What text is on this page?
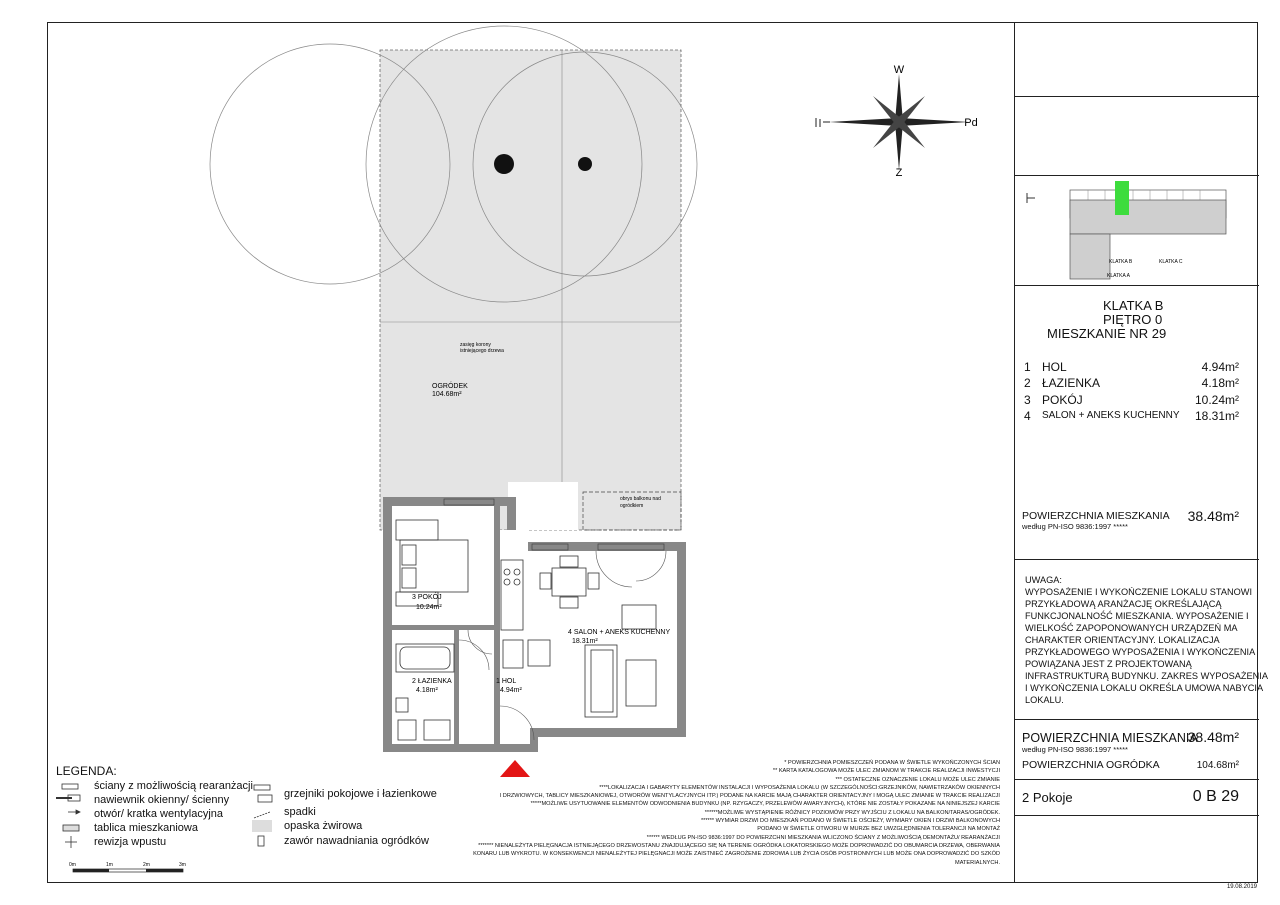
zasięg korony
istniejącego drzewa
OGRÓDEK
104.68m²
obrys balkonu nad
ogródkiem
3 POKÓJ
10.24m²
4 SALON + ANEKS KUCHENNY
18.31m²
2 ŁAZIENKA
4.18m²
1 HOL
4.94m²
W
Z
Pd
0m	1m	2m	3m
LEGENDA:
ściany z możliwością rearanżacji
nawiewnik okienny/ ścienny
otwór/ kratka wentylacyjna
tablica mieszkaniowa
rewizja wpustu
grzejniki pokojowe i łazienkowe
spadki
opaska żwirowa
zawór nawadniania ogródków
* POWIERZCHNIA POMIESZCZEŃ PODANA W ŚWIETLE WYKOŃCZONYCH ŚCIAN
** KARTA KATALOGOWA MOŻE ULEC ZMIANOM W TRAKCIE REALIZACJI INWESTYCJI
*** OSTATECZNE OZNACZENIE LOKALU MOŻE ULEC ZMIANIE
****LOKALIZACJA I GABARYTY ELEMENTÓW INSTALACJI I WYPOSAŻENIA LOKALU (W SZCZEGÓLNOŚCI:GRZEJNIKÓW, NAWIETRZAKÓW OKIENNYCH
I DRZWIOWYCH, TABLICY MIESZKANIOWEJ, OTWORÓW WENTYLACYJNYCH ITP.) PODANE NA KARCIE MAJĄ CHARAKTER ORIENTACYJNY I MOGĄ ULEC ZMIANIE W TRAKCIE REALIZACJI
*****MOŻLIWE USYTUOWANIE ELEMENTÓW ODWODNIENIA BUDYNKU (NP. RZYGACZY, PRZELEWÓW AWARYJNYCH), KTÓRE NIE ZOSTAŁY POKAZANE NA NINIEJSZEJ KARCIE
******MOŻLIWE WYSTĄPIENIE RÓŻNICY POZIOMÓW PRZY WYJŚCIU Z LOKALU NA BALKON/TARAS/OGRÓDEK.
****** WYMIAR DRZWI DO MIESZKAŃ PODANO W ŚWIETLE OŚCIEŻY, WYMIARY OKIEN I DRZWI BALKONOWYCH
PODANO W ŚWIETLE OTWORU W MURZE BEZ UWZGLĘDNIENIA TOLERANCJI NA MONTAŻ
****** WEDŁUG PN-ISO 9836:1997 DO POWIERZCHNI MIESZKANIA WLICZONO ŚCIANY Z MOŻLIWOŚCIĄ DEMONTAŻU/ REARANŻACJI
******* NIENALEŻYTA PIELĘGNACJA ISTNIEJĄCEGO DRZEWOSTANU ZNAJDUJĄCEGO SIĘ NA TERENIE OGRÓDKA LOKATORSKIEGO MOŻE DOPROWADZIĆ DO OBUMARCIA DRZEWA, OBERWANIA
KONARU LUB WYKROTU. W KONSEKWENCJI NIENALEŻYTEJ PIELĘGNACJI MOŻE ZAISTNIEĆ ZAGROŻENIE ZDROWIA LUB ŻYCIA OSÓB POSTRONNYCH LUB MOŻE ONA DOPROWADZIĆ DO SZKÓD
MATERIALNYCH.
KLATKA B	KLATKA C
KLATKA A
KLATKA B
PIĘTRO 0
MIESZKANIE NR 29
1 HOL	4.94m²
2 ŁAZIENKA	4.18m²
3 POKÓJ	10.24m²
4 SALON + ANEKS KUCHENNY 18.31m²
POWIERZCHNIA MIESZKANIA
według PN-ISO 9836:1997 *****
38.48m²
UWAGA:
WYPOSAŻENIE I WYKOŃCZENIE LOKALU STANOWI
PRZYKŁADOWĄ ARANŻACJĘ OKREŚLAJĄCĄ
FUNKCJONALNOŚĆ MIESZKANIA. WYPOSAŻENIE I
WIELKOŚĆ ZAPOPONOWANYCH URZĄDZEŃ MA
CHARAKTER ORIENTACYJNY. LOKALIZACJA
PRZYKŁADOWEGO WYPOSAŻENIA I WYKOŃCZENIA
POWIĄZANA JEST Z PROJEKTOWANĄ
INFRASTRUKTURĄ BUDYNKU. ZAKRES WYPOSAŻENIA
I WYKOŃCZENIA LOKALU OKREŚLA UMOWA NABYCIA
LOKALU.
POWIERZCHNIA MIESZKANIA
według PN-ISO 9836:1997 *****
38.48m²
POWIERZCHNIA OGRÓDKA	104.68m²
2 Pokoje	0 B 29
19.08.2019
